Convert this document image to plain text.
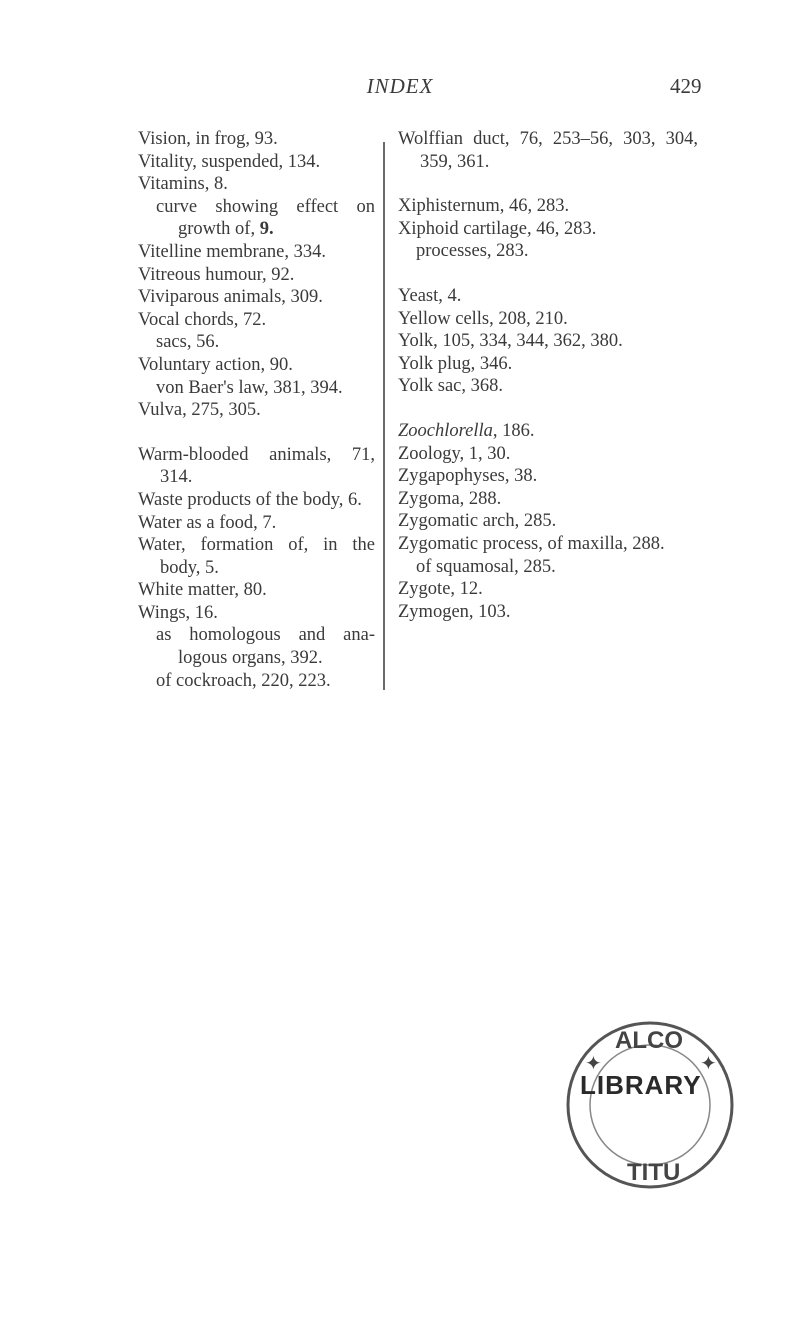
INDEX	429
Vision, in frog, 93.
Vitality, suspended, 134.
Vitamins, 8.
curve showing effect on growth of, 9.
Vitelline membrane, 334.
Vitreous humour, 92.
Viviparous animals, 309.
Vocal chords, 72.
sacs, 56.
Voluntary action, 90.
von Baer's law, 381, 394.
Vulva, 275, 305.
Warm-blooded animals, 71, 314.
Waste products of the body, 6.
Water as a food, 7.
Water, formation of, in the body, 5.
White matter, 80.
Wings, 16.
as homologous and ana-logous organs, 392.
of cockroach, 220, 223.
Wolffian duct, 76, 253–56, 303, 304, 359, 361.
Xiphisternum, 46, 283.
Xiphoid cartilage, 46, 283.
processes, 283.
Yeast, 4.
Yellow cells, 208, 210.
Yolk, 105, 334, 344, 362, 380.
Yolk plug, 346.
Yolk sac, 368.
Zoochlorella, 186.
Zoology, 1, 30.
Zygapophyses, 38.
Zygoma, 288.
Zygomatic arch, 285.
Zygomatic process, of maxilla, 288.
of squamosal, 285.
Zygote, 12.
Zymogen, 103.
ALCO
TITU
✦	✦
LIBRARY
